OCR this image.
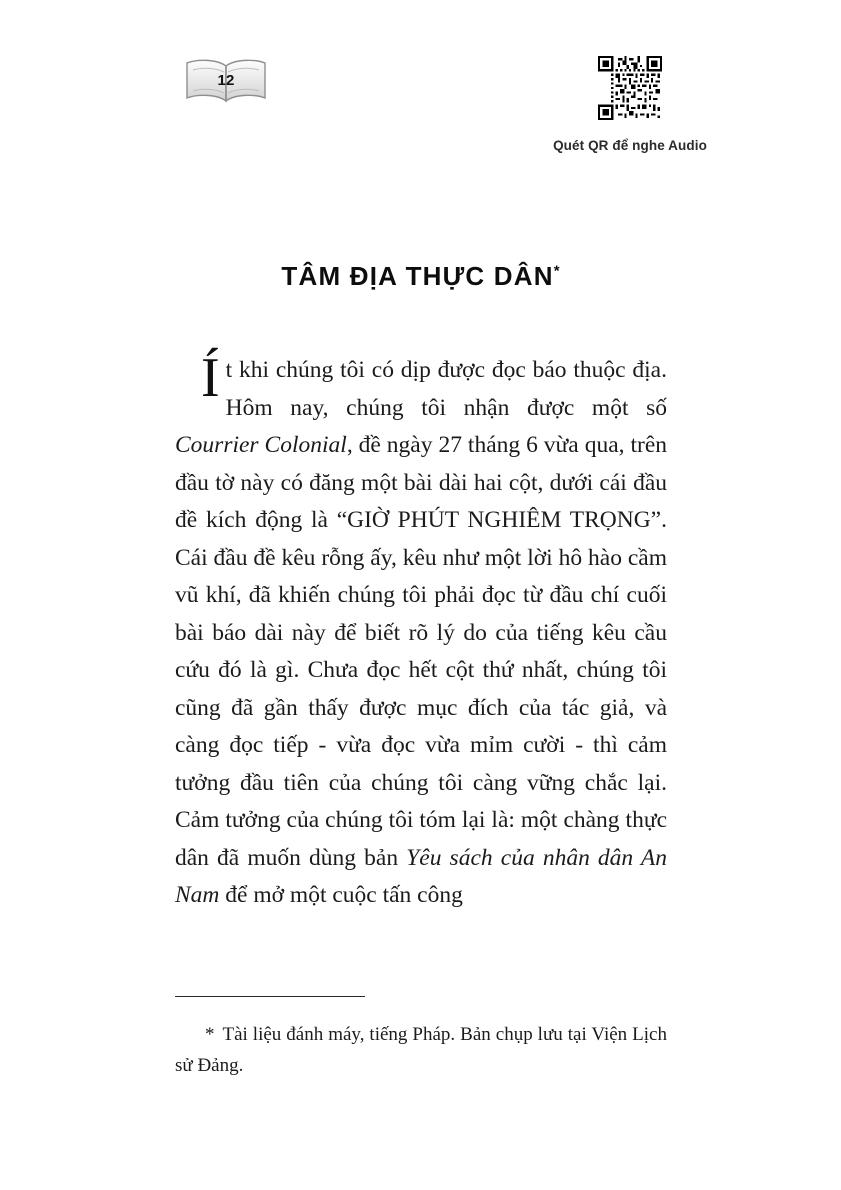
12
Quét QR để nghe Audio
TÂM ĐỊA THỰC DÂN*

Ít khi chúng tôi có dịp được đọc báo thuộc địa. Hôm nay, chúng tôi nhận được một số Courrier Colonial, đề ngày 27 tháng 6 vừa qua, trên đầu tờ này có đăng một bài dài hai cột, dưới cái đầu đề kích động là “GIỜ PHÚT NGHIÊM TRỌNG”. Cái đầu đề kêu rỗng ấy, kêu như một lời hô hào cầm vũ khí, đã khiến chúng tôi phải đọc từ đầu chí cuối bài báo dài này để biết rõ lý do của tiếng kêu cầu cứu đó là gì. Chưa đọc hết cột thứ nhất, chúng tôi cũng đã gần thấy được mục đích của tác giả, và càng đọc tiếp - vừa đọc vừa mỉm cười - thì cảm tưởng đầu tiên của chúng tôi càng vững chắc lại. Cảm tưởng của chúng tôi tóm lại là: một chàng thực dân đã muốn dùng bản Yêu sách của nhân dân An Nam để mở một cuộc tấn công

* Tài liệu đánh máy, tiếng Pháp. Bản chụp lưu tại Viện Lịch sử Đảng.
